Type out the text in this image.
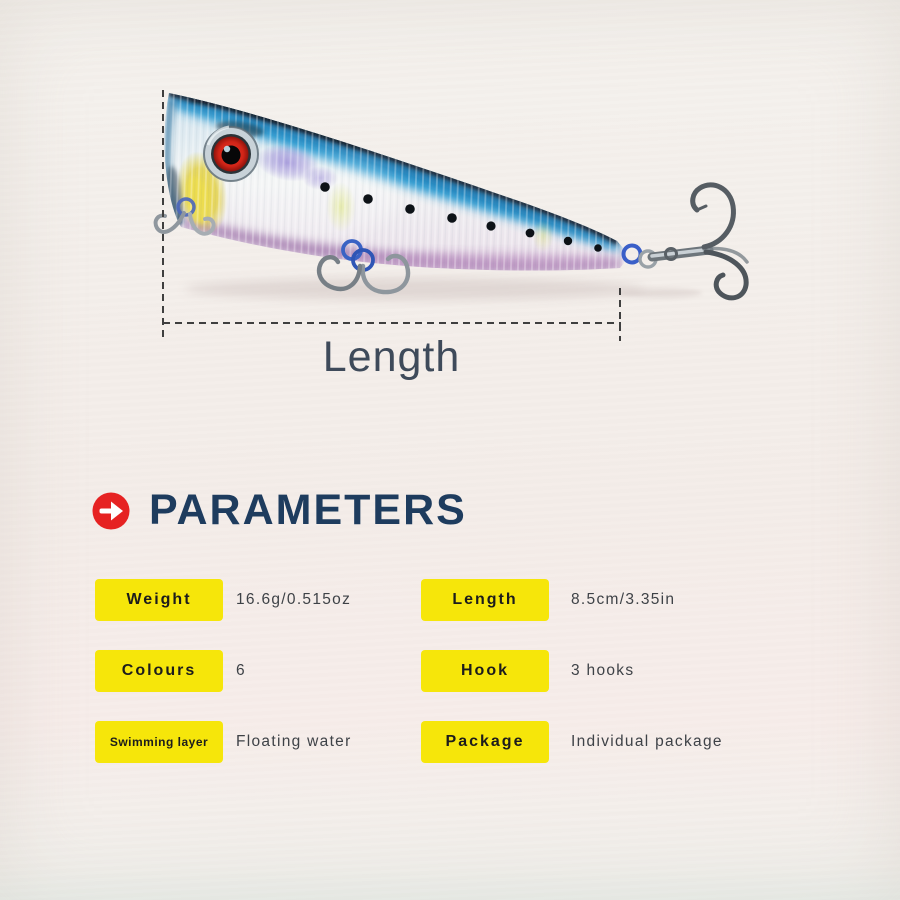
Length
PARAMETERS
Weight	16.6g/0.515oz	Length	8.5cm/3.35in
Colours	6	Hook	3 hooks
Swimming layer	Floating water	Package	Individual package
